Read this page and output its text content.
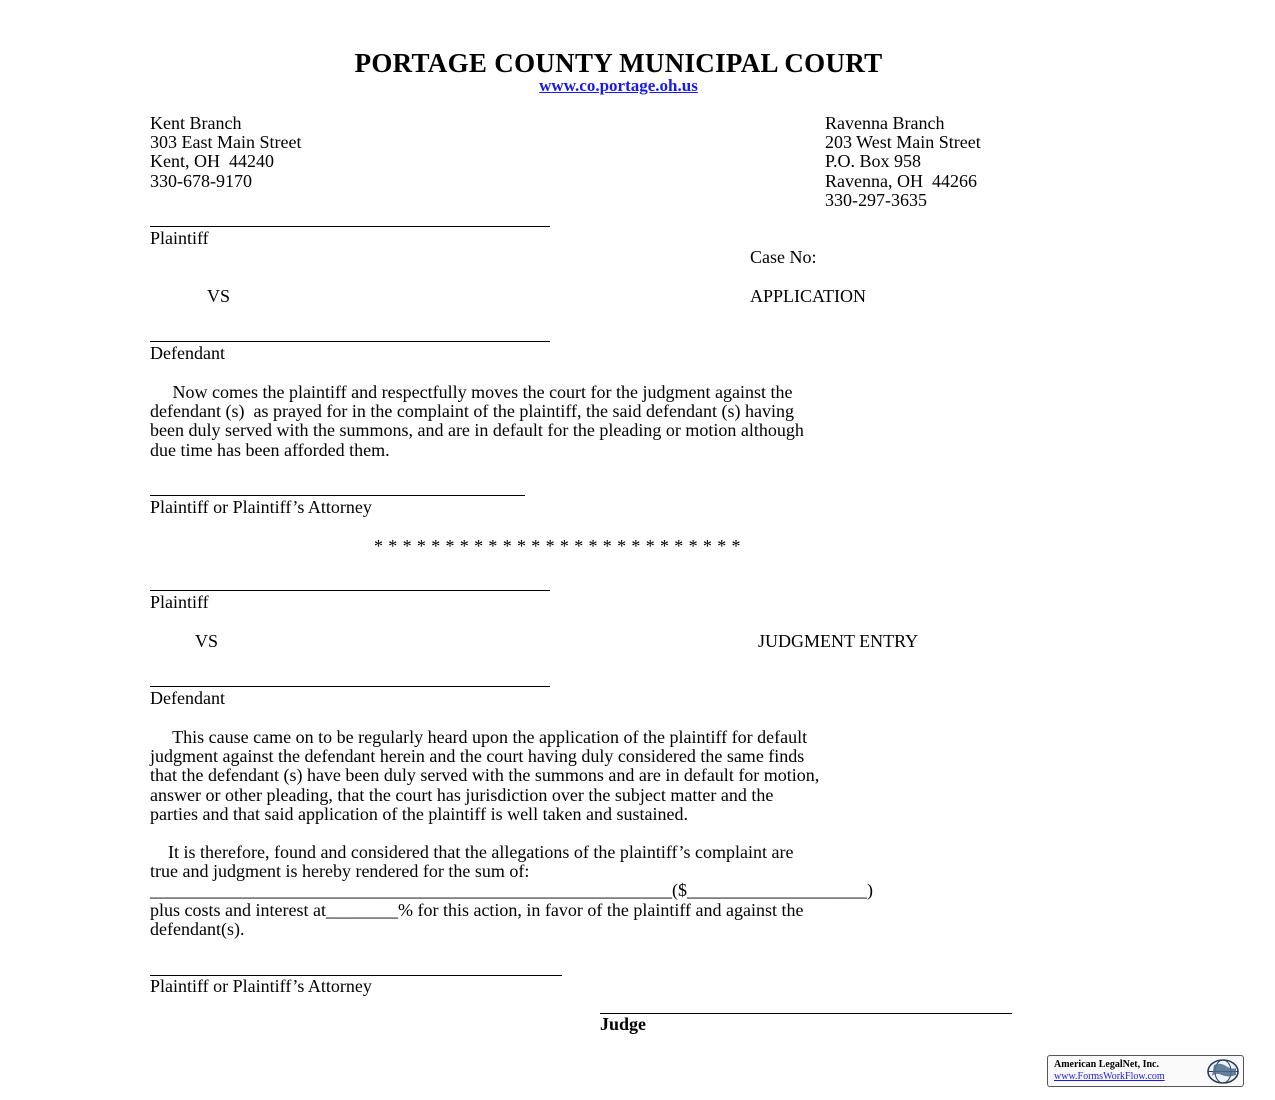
PORTAGE COUNTY MUNICIPAL COURT
www.co.portage.oh.us
Kent Branch
303 East Main Street
Kent, OH  44240
330-678-9170
Ravenna Branch
203 West Main Street
P.O. Box 958
Ravenna, OH  44266
330-297-3635
Plaintiff
Case No:
VS	APPLICATION
Defendant
Now comes the plaintiff and respectfully moves the court for the judgment against the
defendant (s)  as prayed for in the complaint of the plaintiff, the said defendant (s) having
been duly served with the summons, and are in default for the pleading or motion although
due time has been afforded them.
Plaintiff or Plaintiff’s Attorney
* * * * * * * * * * * * * * * * * * * * * * * * * *
Plaintiff
VS	JUDGMENT ENTRY
Defendant
This cause came on to be regularly heard upon the application of the plaintiff for default
judgment against the defendant herein and the court having duly considered the same finds
that the defendant (s) have been duly served with the summons and are in default for motion,
answer or other pleading, that the court has jurisdiction over the subject matter and the
parties and that said application of the plaintiff is well taken and sustained.
It is therefore, found and considered that the allegations of the plaintiff’s complaint are
true and judgment is hereby rendered for the sum of:
__________________________________________________________($____________________)
plus costs and interest at________% for this action, in favor of the plaintiff and against the
defendant(s).
Plaintiff or Plaintiff’s Attorney
Judge
American LegalNet, Inc.
www.FormsWorkFlow.com
